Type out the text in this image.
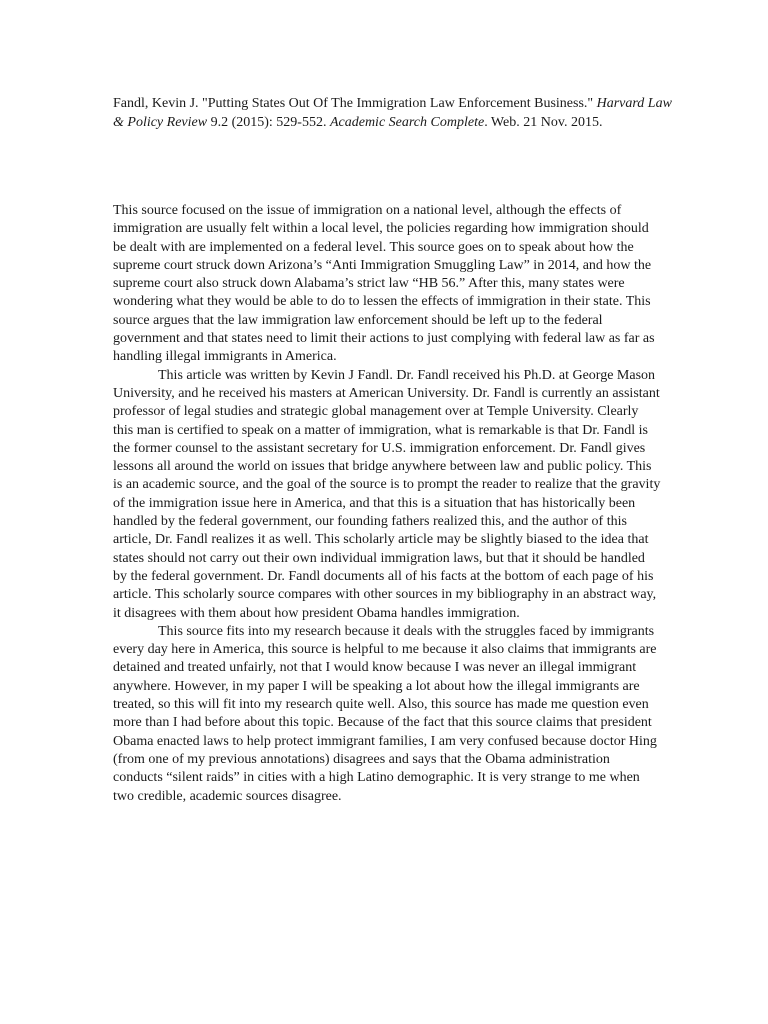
Fandl, Kevin J. "Putting States Out Of The Immigration Law Enforcement Business." Harvard Law & Policy Review 9.2 (2015): 529-552. Academic Search Complete. Web. 21 Nov. 2015.

This source focused on the issue of immigration on a national level, although the effects of immigration are usually felt within a local level, the policies regarding how immigration should be dealt with are implemented on a federal level. This source goes on to speak about how the supreme court struck down Arizona’s “Anti Immigration Smuggling Law” in 2014, and how the supreme court also struck down Alabama’s strict law “HB 56.” After this, many states were wondering what they would be able to do to lessen the effects of immigration in their state. This source argues that the law immigration law enforcement should be left up to the federal government and that states need to limit their actions to just complying with federal law as far as handling illegal immigrants in America.

This article was written by Kevin J Fandl. Dr. Fandl received his Ph.D. at George Mason University, and he received his masters at American University. Dr. Fandl is currently an assistant professor of legal studies and strategic global management over at Temple University. Clearly this man is certified to speak on a matter of immigration, what is remarkable is that Dr. Fandl is the former counsel to the assistant secretary for U.S. immigration enforcement. Dr. Fandl gives lessons all around the world on issues that bridge anywhere between law and public policy. This is an academic source, and the goal of the source is to prompt the reader to realize that the gravity of the immigration issue here in America, and that this is a situation that has historically been handled by the federal government, our founding fathers realized this, and the author of this article, Dr. Fandl realizes it as well. This scholarly article may be slightly biased to the idea that states should not carry out their own individual immigration laws, but that it should be handled by the federal government. Dr. Fandl documents all of his facts at the bottom of each page of his article. This scholarly source compares with other sources in my bibliography in an abstract way, it disagrees with them about how president Obama handles immigration.

This source fits into my research because it deals with the struggles faced by immigrants every day here in America, this source is helpful to me because it also claims that immigrants are detained and treated unfairly, not that I would know because I was never an illegal immigrant anywhere. However, in my paper I will be speaking a lot about how the illegal immigrants are treated, so this will fit into my research quite well. Also, this source has made me question even more than I had before about this topic. Because of the fact that this source claims that president Obama enacted laws to help protect immigrant families, I am very confused because doctor Hing (from one of my previous annotations) disagrees and says that the Obama administration conducts “silent raids” in cities with a high Latino demographic. It is very strange to me when two credible, academic sources disagree.
